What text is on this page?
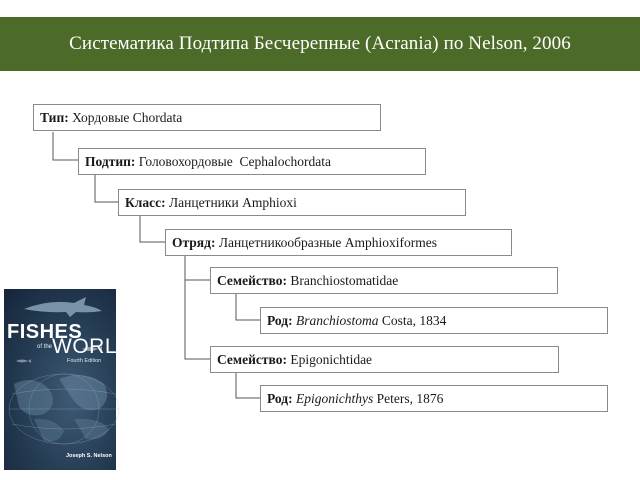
Систематика Подтипа Бесчерепные (Acrania) по Nelson, 2006
Тип:
Хордовые Chordata
Подтип:
Головохордовые
Cephalochordata
Класс:
Ланцетники Amphioxi
Отряд:
Ланцетникообразные Amphioxiformes
Семейство:
Branchiostomatidae
Род:
Branchiostoma
Costa, 1834
Семейство:
Epigonichtidae
Род:
Epigonichthys
Peters, 1876
FISHES
of the WORLD
Fourth Edition
Joseph S. Nelson
